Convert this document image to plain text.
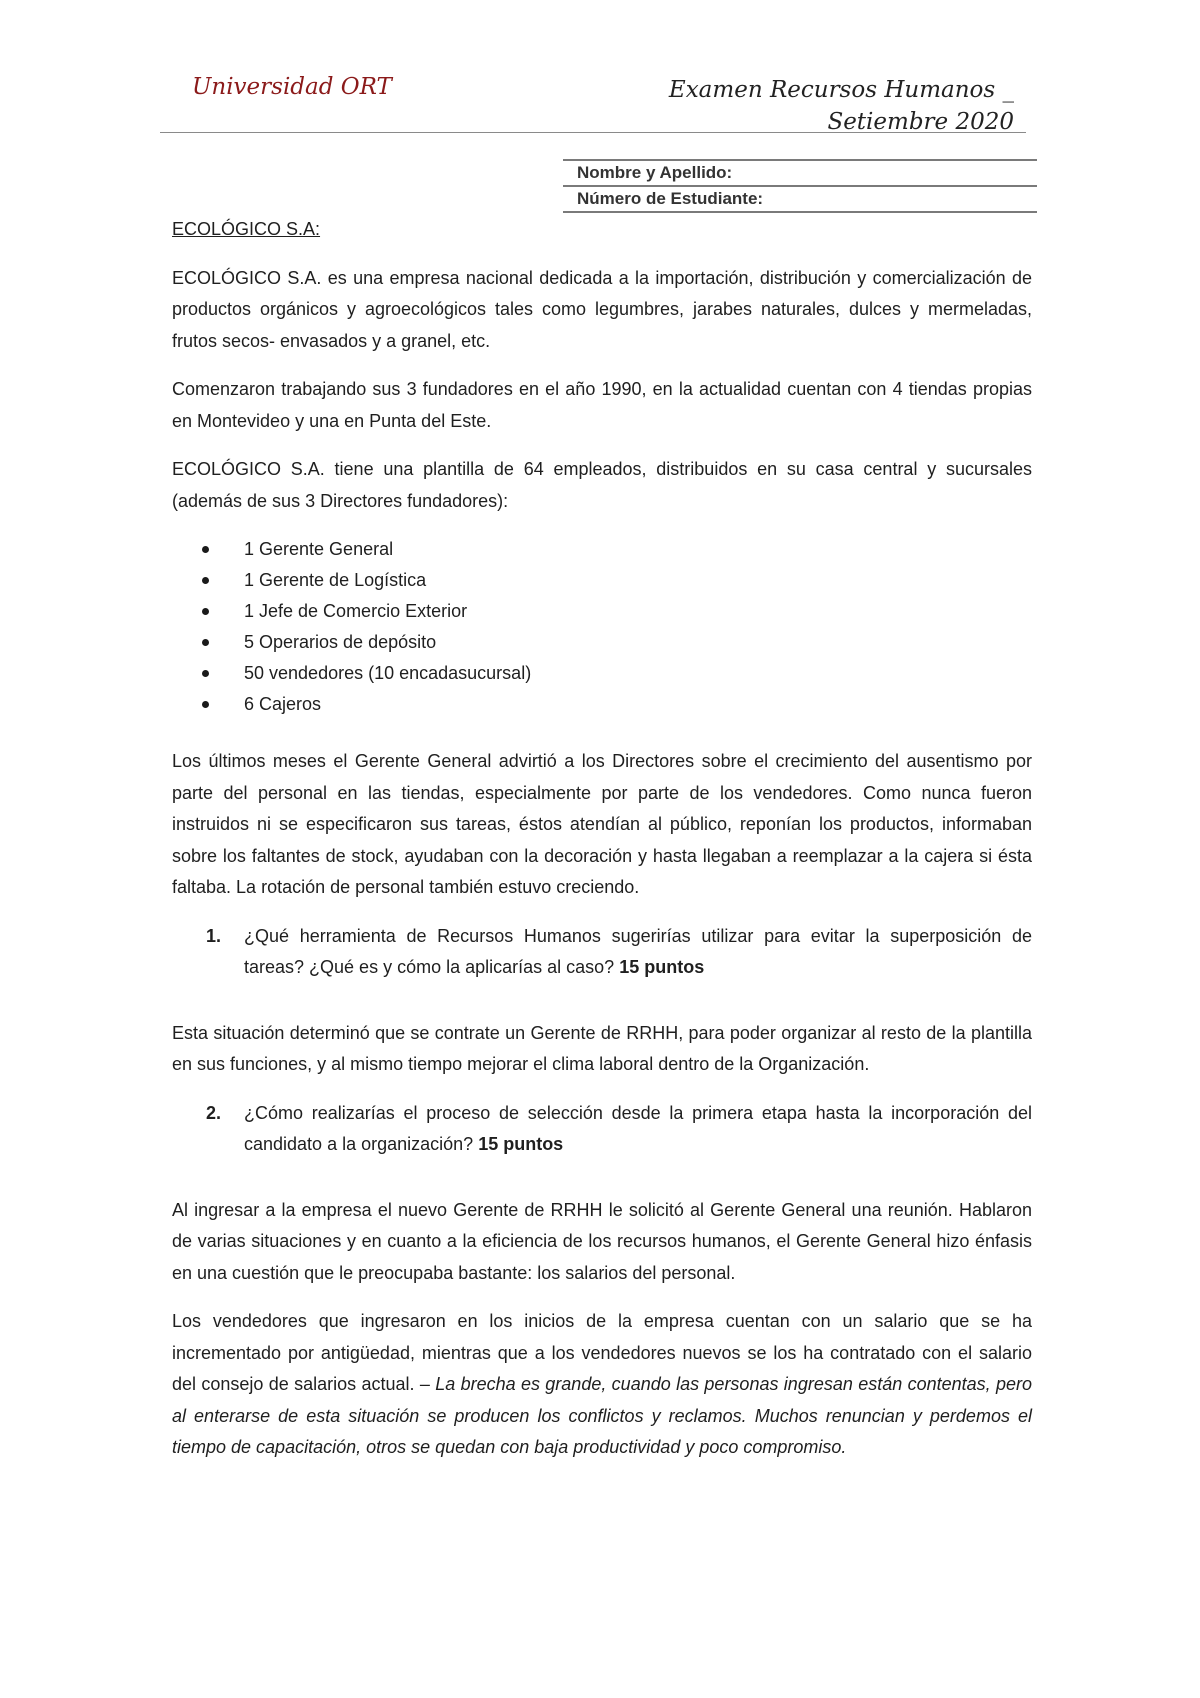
Universidad ORT	Examen Recursos Humanos _
Setiembre 2020
Nombre y Apellido:
Número de Estudiante:
ECOLÓGICO S.A:

ECOLÓGICO S.A. es una empresa nacional dedicada a la importación, distribución y comercialización de productos orgánicos y agroecológicos tales como legumbres, jarabes naturales, dulces y mermeladas, frutos secos- envasados y a granel, etc.

Comenzaron trabajando sus 3 fundadores en el año 1990, en la actualidad cuentan con 4 tiendas propias en Montevideo y una en Punta del Este.

ECOLÓGICO S.A. tiene una plantilla de 64 empleados, distribuidos en su casa central y sucursales (además de sus 3 Directores fundadores):

1 Gerente General
1 Gerente de Logística
1 Jefe de Comercio Exterior
5 Operarios de depósito
50 vendedores (10 encadasucursal)
6 Cajeros

Los últimos meses el Gerente General advirtió a los Directores sobre el crecimiento del ausentismo por parte del personal en las tiendas, especialmente por parte de los vendedores. Como nunca fueron instruidos ni se especificaron sus tareas, éstos atendían al público, reponían los productos, informaban sobre los faltantes de stock, ayudaban con la decoración y hasta llegaban a reemplazar a la cajera si ésta faltaba. La rotación de personal también estuvo creciendo.

1. ¿Qué herramienta de Recursos Humanos sugerirías utilizar para evitar la superposición de tareas? ¿Qué es y cómo la aplicarías al caso? 15 puntos

Esta situación determinó que se contrate un Gerente de RRHH, para poder organizar al resto de la plantilla en sus funciones, y al mismo tiempo mejorar el clima laboral dentro de la Organización.

2. ¿Cómo realizarías el proceso de selección desde la primera etapa hasta la incorporación del candidato a la organización? 15 puntos

Al ingresar a la empresa el nuevo Gerente de RRHH le solicitó al Gerente General una reunión. Hablaron de varias situaciones y en cuanto a la eficiencia de los recursos humanos, el Gerente General hizo énfasis en una cuestión que le preocupaba bastante: los salarios del personal.

Los vendedores que ingresaron en los inicios de la empresa cuentan con un salario que se ha incrementado por antigüedad, mientras que a los vendedores nuevos se los ha contratado con el salario del consejo de salarios actual. – La brecha es grande, cuando las personas ingresan están contentas, pero al enterarse de esta situación se producen los conflictos y reclamos. Muchos renuncian y perdemos el tiempo de capacitación, otros se quedan con baja productividad y poco compromiso.
